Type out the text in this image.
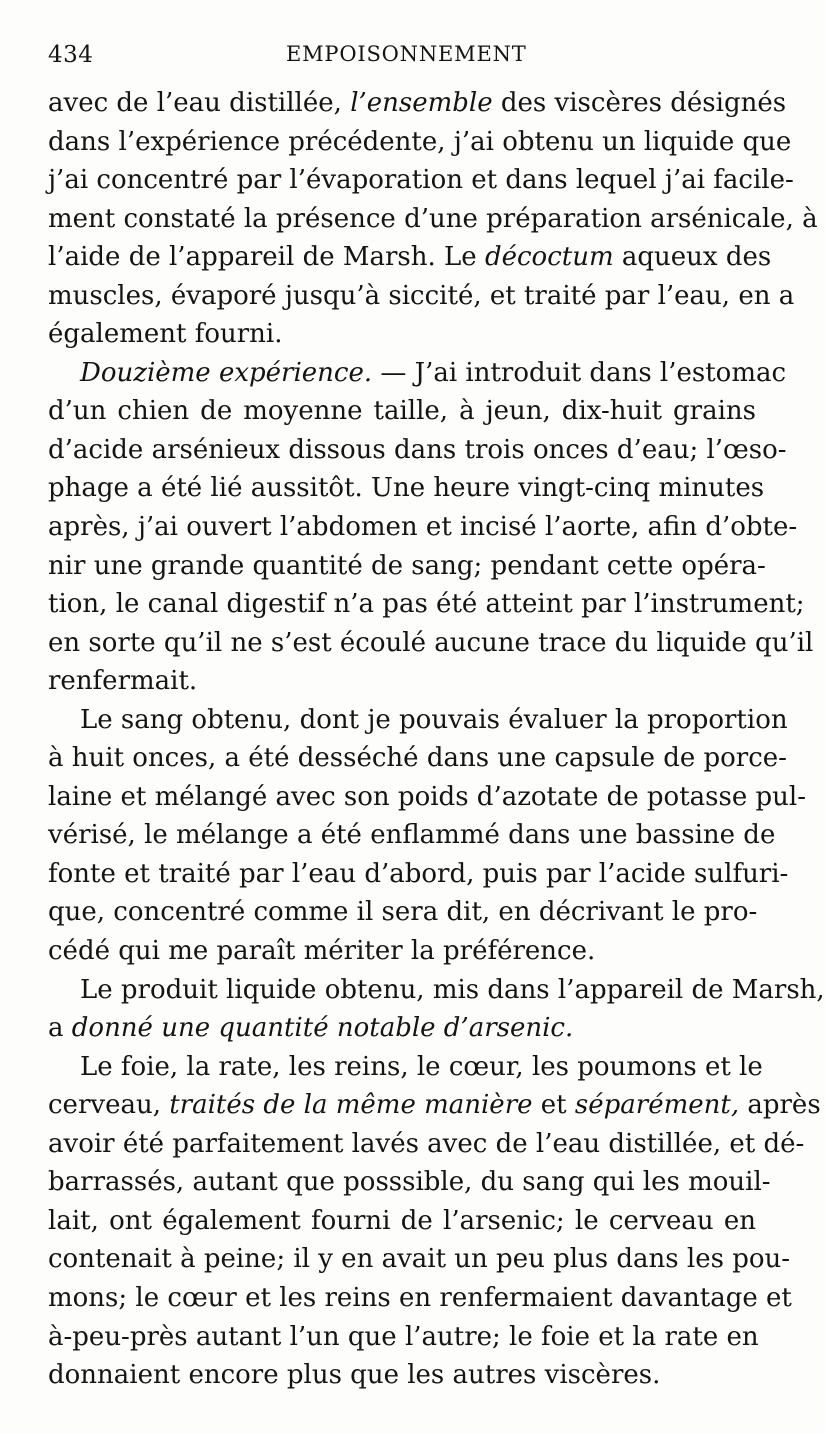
434	EMPOISONNEMENT
avec de l’eau distillée, l’ensemble des viscères désignés
dans l’expérience précédente, j’ai obtenu un liquide que
j’ai concentré par l’évaporation et dans lequel j’ai facile-
ment constaté la présence d’une préparation arsénicale, à
l’aide de l’appareil de Marsh. Le décoctum aqueux des
muscles, évaporé jusqu’à siccité, et traité par l’eau, en a
également fourni.
Douzième expérience. — J’ai introduit dans l’estomac
d’un chien de moyenne taille, à jeun, dix-huit grains
d’acide arsénieux dissous dans trois onces d’eau; l’œso-
phage a été lié aussitôt. Une heure vingt-cinq minutes
après, j’ai ouvert l’abdomen et incisé l’aorte, afin d’obte-
nir une grande quantité de sang; pendant cette opéra-
tion, le canal digestif n’a pas été atteint par l’instrument;
en sorte qu’il ne s’est écoulé aucune trace du liquide qu’il
renfermait.
Le sang obtenu, dont je pouvais évaluer la proportion
à huit onces, a été desséché dans une capsule de porce-
laine et mélangé avec son poids d’azotate de potasse pul-
vérisé, le mélange a été enflammé dans une bassine de
fonte et traité par l’eau d’abord, puis par l’acide sulfuri-
que, concentré comme il sera dit, en décrivant le pro-
cédé qui me paraît mériter la préférence.
Le produit liquide obtenu, mis dans l’appareil de Marsh,
a donné une quantité notable d’arsenic.
Le foie, la rate, les reins, le cœur, les poumons et le
cerveau, traités de la même manière et séparément, après
avoir été parfaitement lavés avec de l’eau distillée, et dé-
barrassés, autant que posssible, du sang qui les mouil-
lait, ont également fourni de l’arsenic; le cerveau en
contenait à peine; il y en avait un peu plus dans les pou-
mons; le cœur et les reins en renfermaient davantage et
à-peu-près autant l’un que l’autre; le foie et la rate en
donnaient encore plus que les autres viscères.
